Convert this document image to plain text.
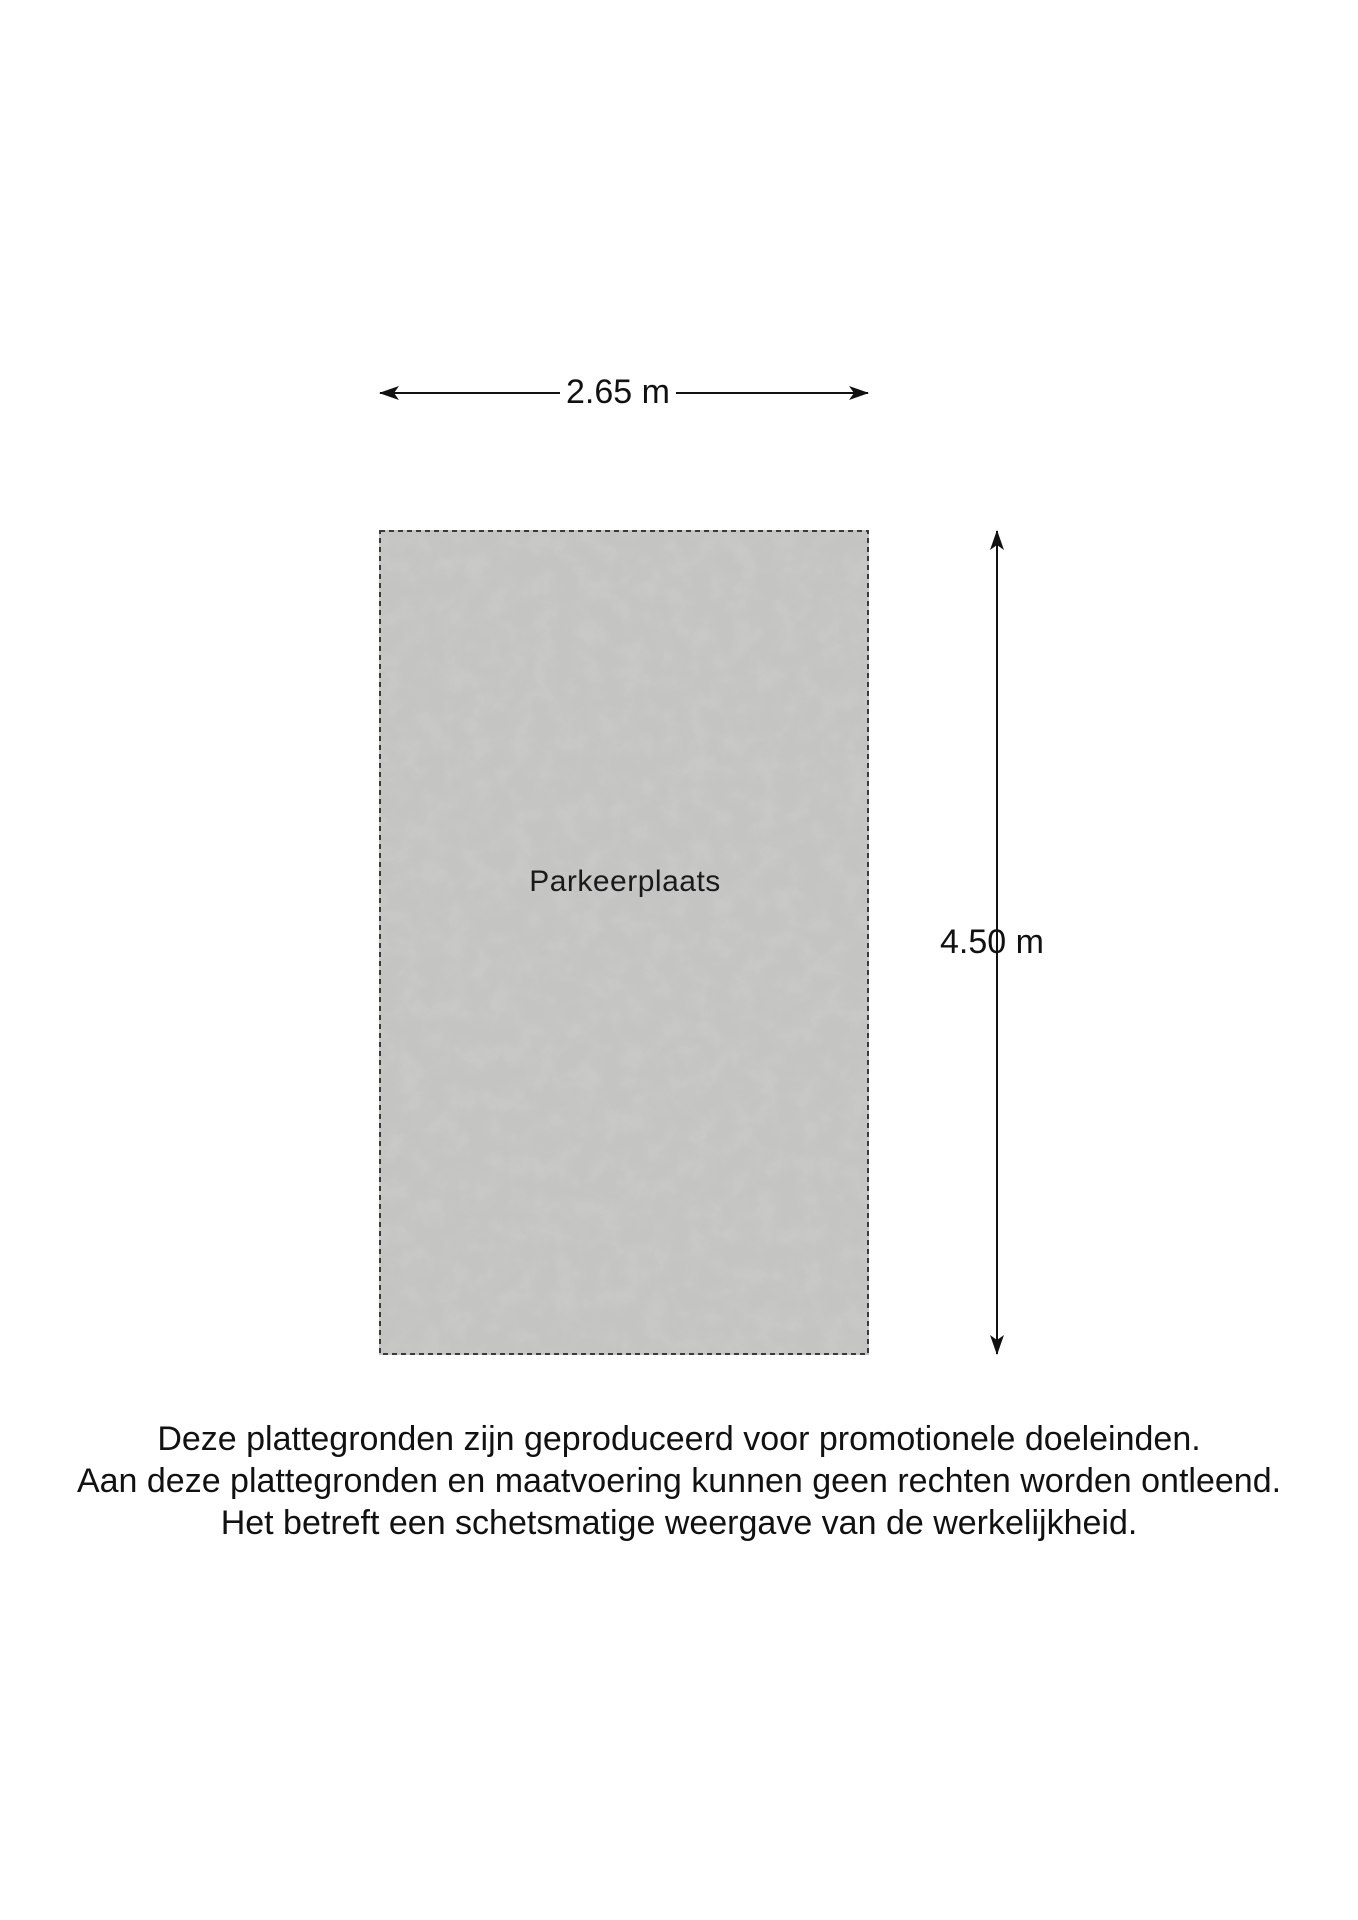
2.65 m
4.50 m
Parkeerplaats
Deze plattegronden zijn geproduceerd voor promotionele doeleinden.
Aan deze plattegronden en maatvoering kunnen geen rechten worden ontleend.
Het betreft een schetsmatige weergave van de werkelijkheid.
